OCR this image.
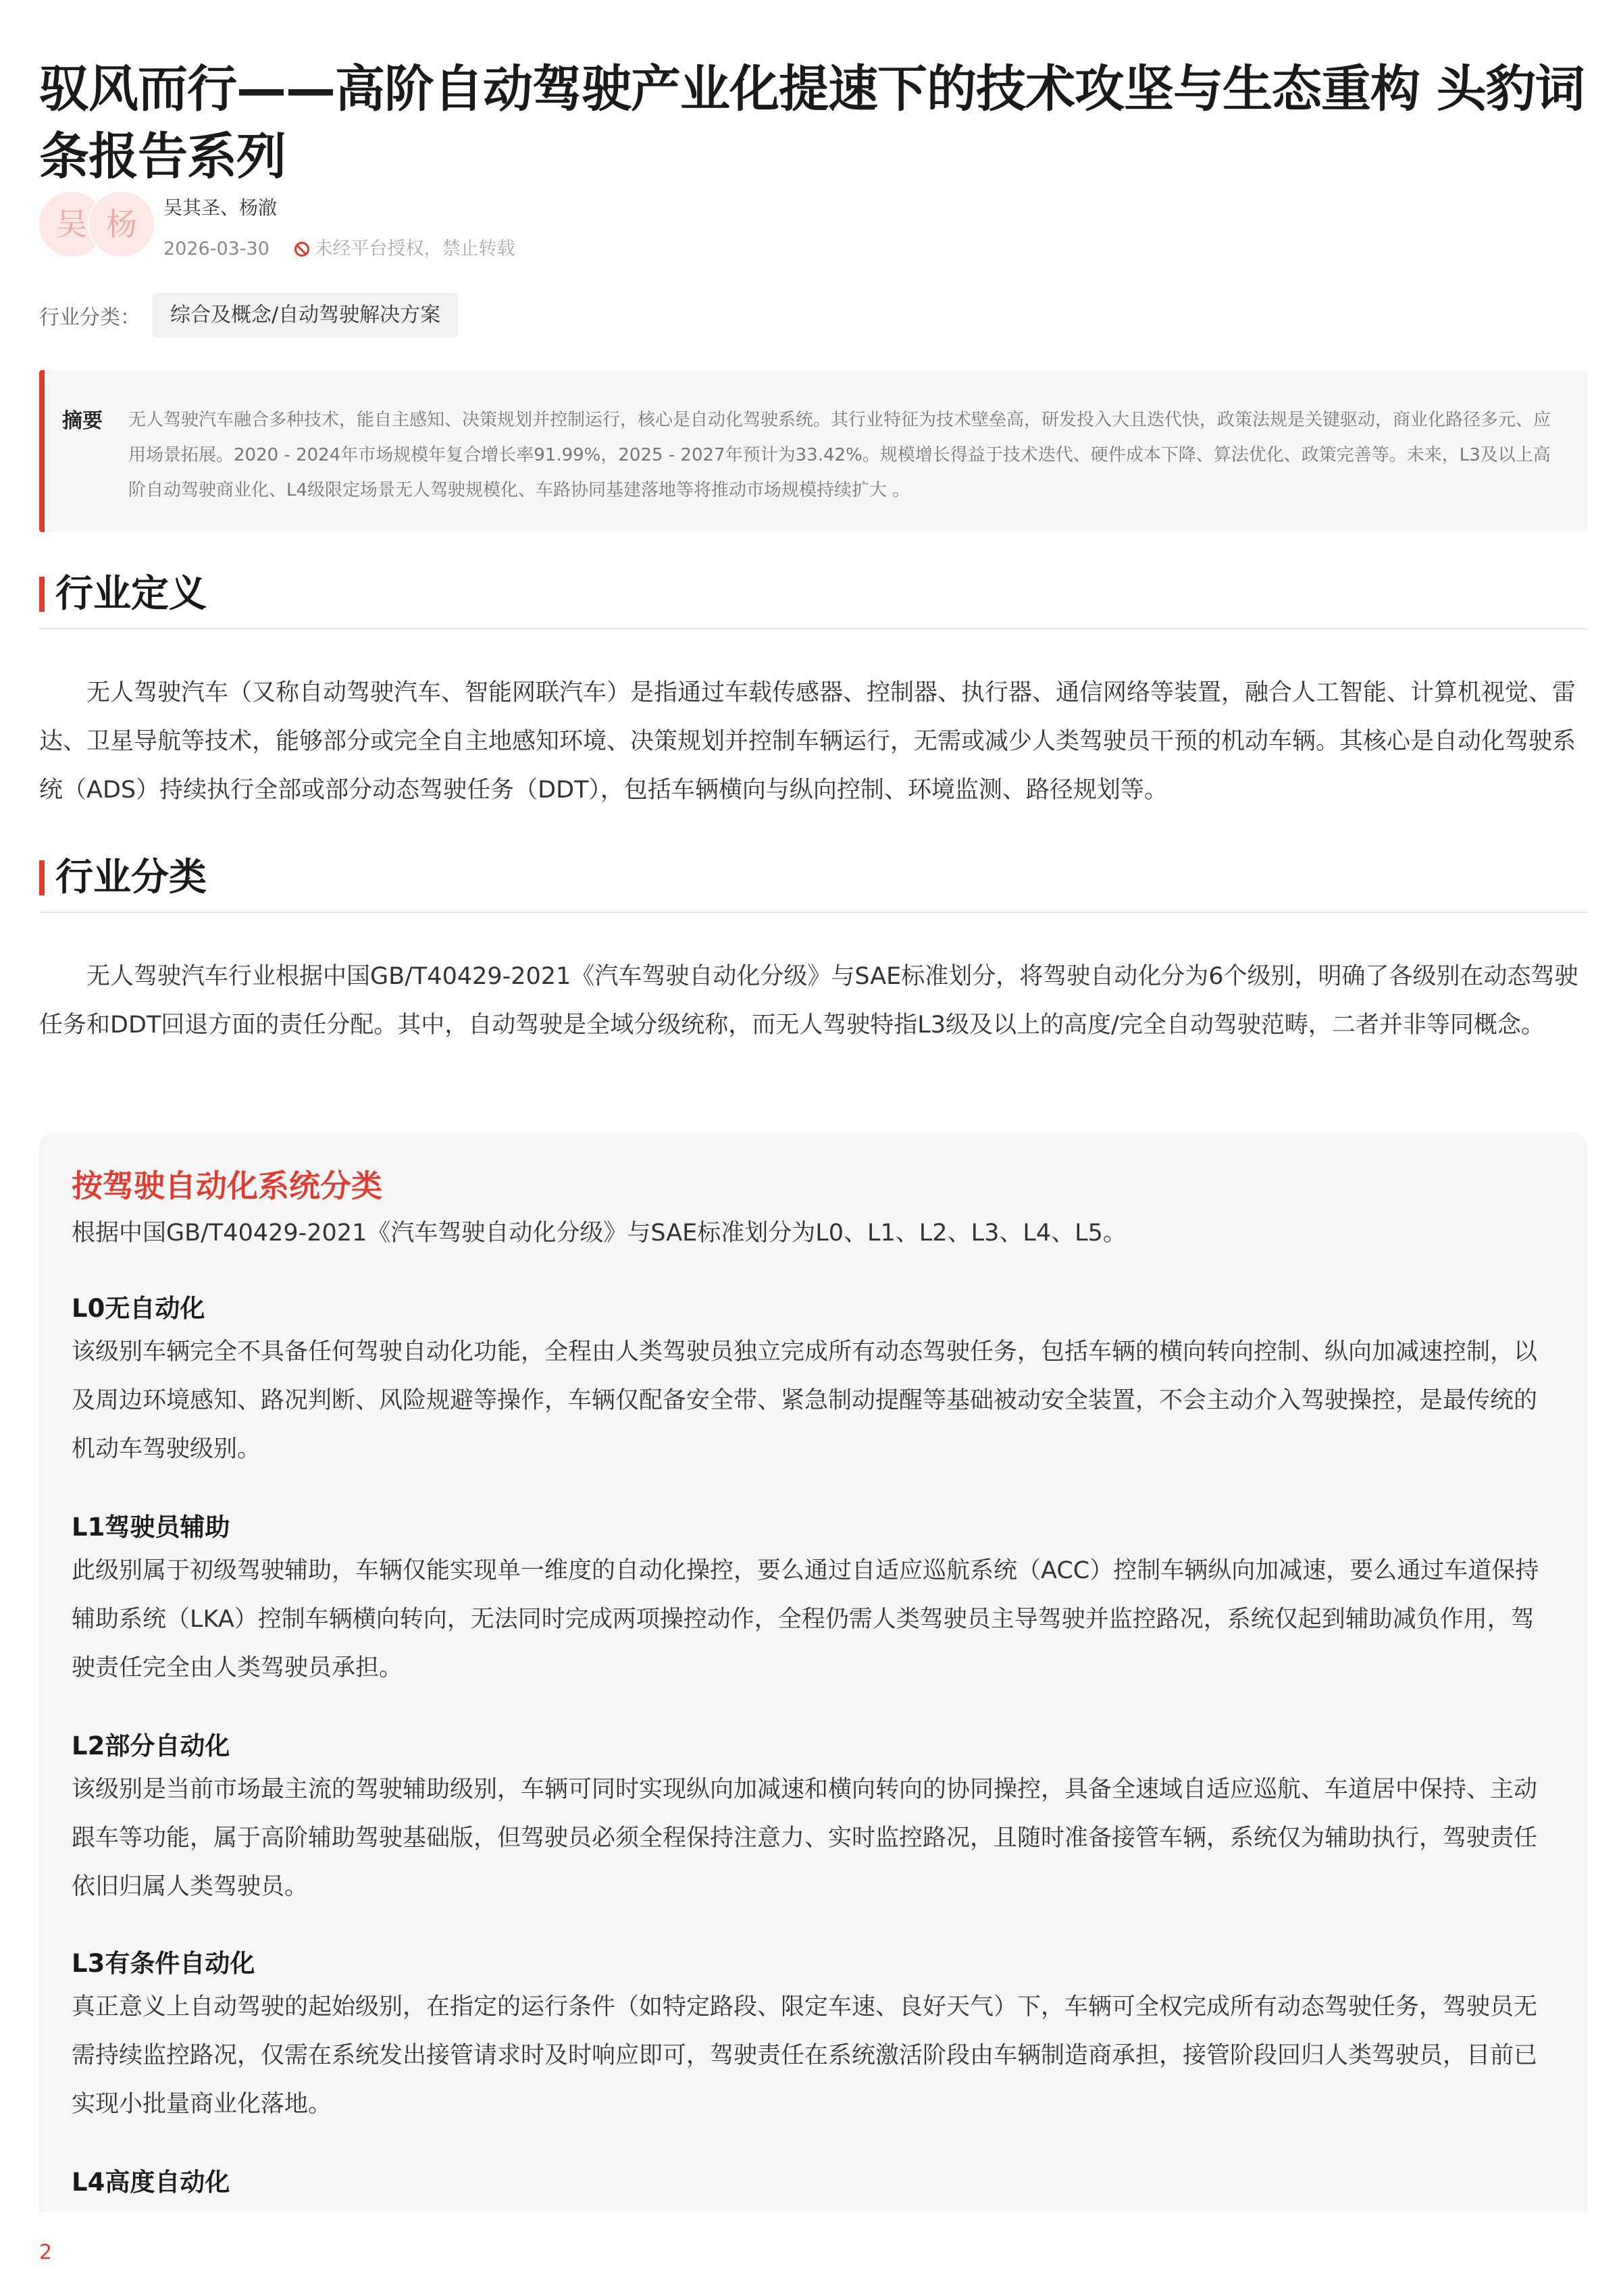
驭风而行——高阶自动驾驶产业化提速下的技术攻坚与生态重构 头豹词条报告系列
吴 杨	吴其圣、杨澈
2026-03-30 未经平台授权，禁止转载
行业分类：	综合及概念/自动驾驶解决方案
摘要 无人驾驶汽车融合多种技术，能自主感知、决策规划并控制运行，核心是自动化驾驶系统。其行业特征为技术壁垒高，研发投入大且迭代快，政策法规是关键驱动，商业化路径多元、应用场景拓展。2020 - 2024年市场规模年复合增长率91.99%，2025 - 2027年预计为33.42%。规模增长得益于技术迭代、硬件成本下降、算法优化、政策完善等。未来，L3及以上高阶自动驾驶商业化、L4级限定场景无人驾驶规模化、车路协同基建落地等将推动市场规模持续扩大 。
行业定义

无人驾驶汽车（又称自动驾驶汽车、智能网联汽车）是指通过车载传感器、控制器、执行器、通信网络等装置，融合人工智能、计算机视觉、雷达、卫星导航等技术，能够部分或完全自主地感知环境、决策规划并控制车辆运行，无需或减少人类驾驶员干预的机动车辆。其核心是自动化驾驶系统（ADS）持续执行全部或部分动态驾驶任务（DDT），包括车辆横向与纵向控制、环境监测、路径规划等。

行业分类

无人驾驶汽车行业根据中国GB/T40429-2021《汽车驾驶自动化分级》与SAE标准划分，将驾驶自动化分为6个级别，明确了各级别在动态驾驶任务和DDT回退方面的责任分配。其中，自动驾驶是全域分级统称，而无人驾驶特指L3级及以上的高度/完全自动驾驶范畴，二者并非等同概念。

按驾驶自动化系统分类
根据中国GB/T40429-2021《汽车驾驶自动化分级》与SAE标准划分为L0、L1、L2、L3、L4、L5。
L0无自动化
该级别车辆完全不具备任何驾驶自动化功能，全程由人类驾驶员独立完成所有动态驾驶任务，包括车辆的横向转向控制、纵向加减速控制，以及周边环境感知、路况判断、风险规避等操作，车辆仅配备安全带、紧急制动提醒等基础被动安全装置，不会主动介入驾驶操控，是最传统的机动车驾驶级别。
L1驾驶员辅助
此级别属于初级驾驶辅助，车辆仅能实现单一维度的自动化操控，要么通过自适应巡航系统（ACC）控制车辆纵向加减速，要么通过车道保持辅助系统（LKA）控制车辆横向转向，无法同时完成两项操控动作，全程仍需人类驾驶员主导驾驶并监控路况，系统仅起到辅助减负作用，驾驶责任完全由人类驾驶员承担。
L2部分自动化
该级别是当前市场最主流的驾驶辅助级别，车辆可同时实现纵向加减速和横向转向的协同操控，具备全速域自适应巡航、车道居中保持、主动跟车等功能，属于高阶辅助驾驶基础版，但驾驶员必须全程保持注意力、实时监控路况，且随时准备接管车辆，系统仅为辅助执行，驾驶责任依旧归属人类驾驶员。
L3有条件自动化
真正意义上自动驾驶的起始级别，在指定的运行条件（如特定路段、限定车速、良好天气）下，车辆可全权完成所有动态驾驶任务，驾驶员无需持续监控路况，仅需在系统发出接管请求时及时响应即可，驾驶责任在系统激活阶段由车辆制造商承担，接管阶段回归人类驾驶员，目前已实现小批量商业化落地。
L4高度自动化
2
